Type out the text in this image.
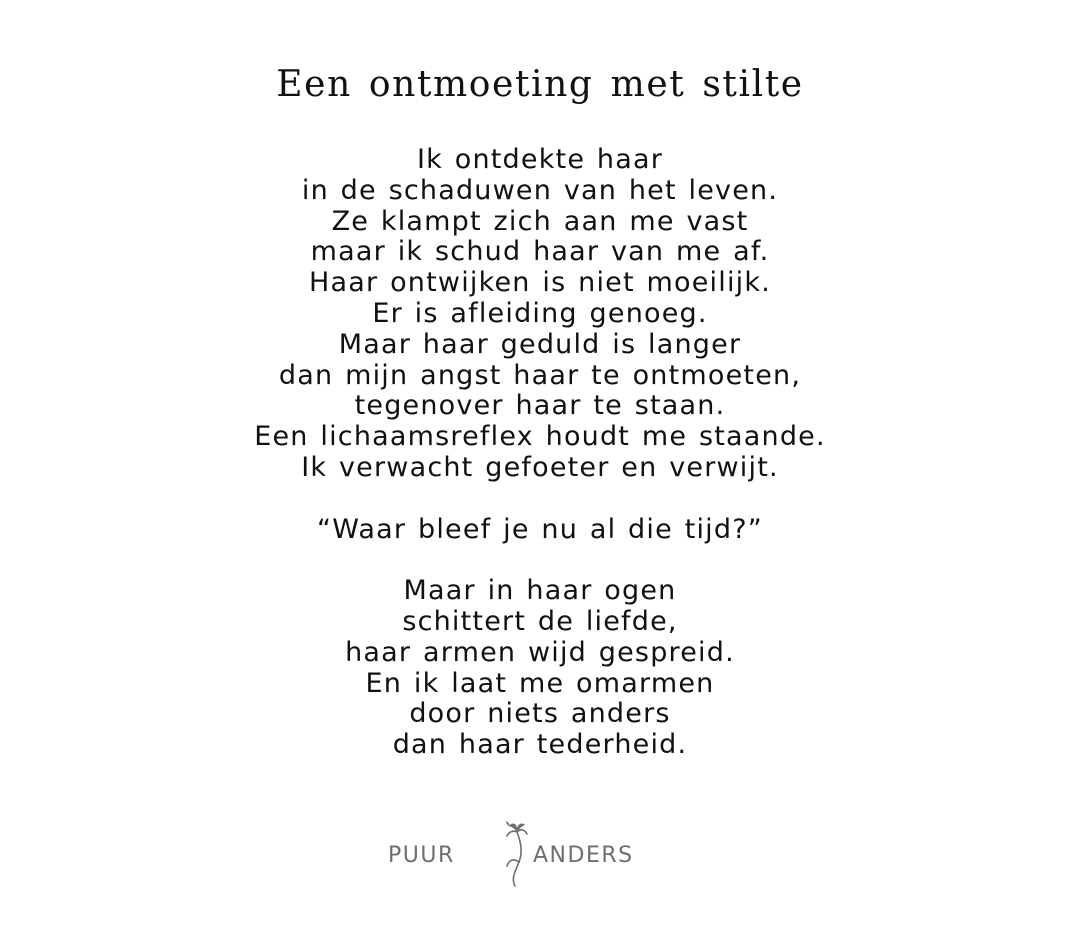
Een ontmoeting met stilte
Ik ontdekte haar
in de schaduwen van het leven.
Ze klampt zich aan me vast
maar ik schud haar van me af.
Haar ontwijken is niet moeilijk.
Er is afleiding genoeg.
Maar haar geduld is langer
dan mijn angst haar te ontmoeten,
tegenover haar te staan.
Een lichaamsreflex houdt me staande.
Ik verwacht gefoeter en verwijt.
“Waar bleef je nu al die tijd?”
Maar in haar ogen
schittert de liefde,
haar armen wijd gespreid.
En ik laat me omarmen
door niets anders
dan haar tederheid.
PUUR	ANDERS
